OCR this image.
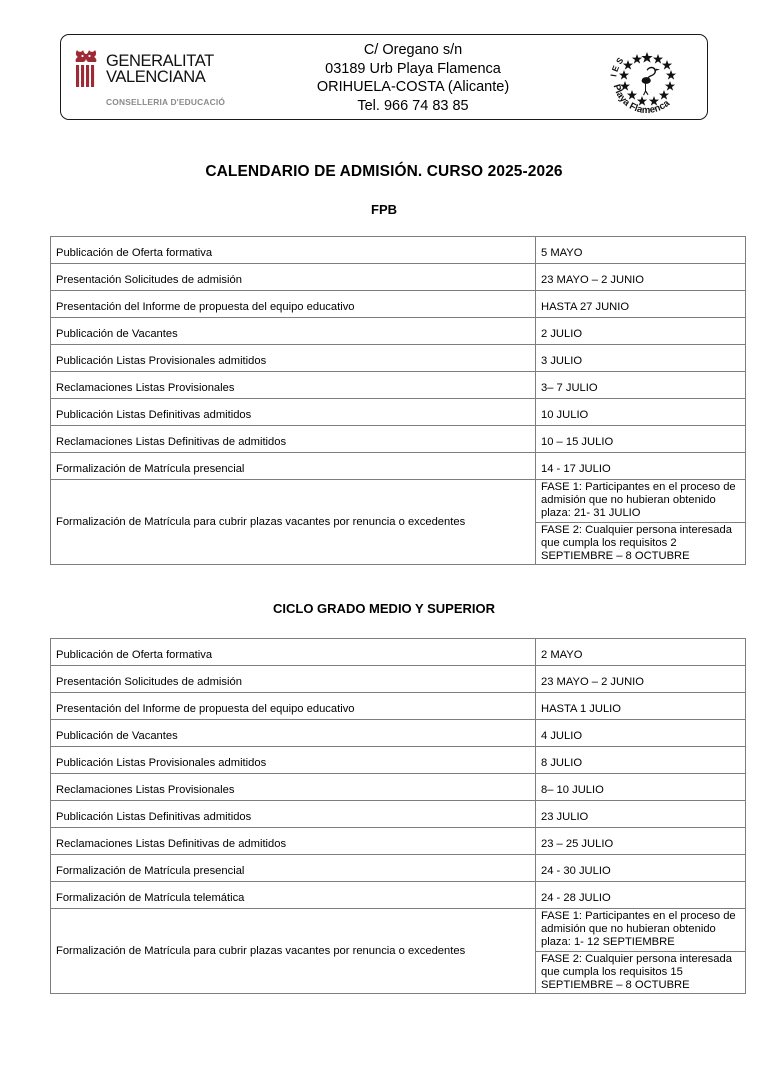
GENERALITAT
VALENCIANA
CONSELLERIA D'EDUCACIÓ
C/ Oregano s/n
03189 Urb Playa Flamenca
ORIHUELA-COSTA (Alicante)
Tel. 966 74 83 85
I E S
Playa Flamenca
CALENDARIO DE ADMISIÓN. CURSO 2025-2026
FPB
Publicación de Oferta formativa	5 MAYO
Presentación Solicitudes de admisión	23 MAYO – 2 JUNIO
Presentación del Informe de propuesta del equipo educativo	HASTA 27 JUNIO
Publicación de Vacantes	2 JULIO
Publicación Listas Provisionales admitidos	3 JULIO
Reclamaciones Listas Provisionales	3– 7 JULIO
Publicación Listas Definitivas admitidos	10 JULIO
Reclamaciones Listas Definitivas de admitidos	10 – 15 JULIO
Formalización de Matrícula presencial	14 - 17 JULIO
Formalización de Matrícula para cubrir plazas vacantes por renuncia o excedentes	
FASE 1: Participantes en el proceso de admisión que no hubieran obtenido plaza: 21- 31 JULIO
FASE 2: Cualquier persona interesada que cumpla los requisitos 2 SEPTIEMBRE – 8 OCTUBRE
CICLO GRADO MEDIO Y SUPERIOR
Publicación de Oferta formativa	2 MAYO
Presentación Solicitudes de admisión	23 MAYO – 2 JUNIO
Presentación del Informe de propuesta del equipo educativo	HASTA 1 JULIO
Publicación de Vacantes	4 JULIO
Publicación Listas Provisionales admitidos	8 JULIO
Reclamaciones Listas Provisionales	8– 10 JULIO
Publicación Listas Definitivas admitidos	23 JULIO
Reclamaciones Listas Definitivas de admitidos	23 – 25 JULIO
Formalización de Matrícula presencial	24 - 30 JULIO
Formalización de Matrícula telemática	24 - 28 JULIO
Formalización de Matrícula para cubrir plazas vacantes por renuncia o excedentes	
FASE 1: Participantes en el proceso de admisión que no hubieran obtenido plaza: 1- 12 SEPTIEMBRE
FASE 2: Cualquier persona interesada que cumpla los requisitos 15 SEPTIEMBRE – 8 OCTUBRE
